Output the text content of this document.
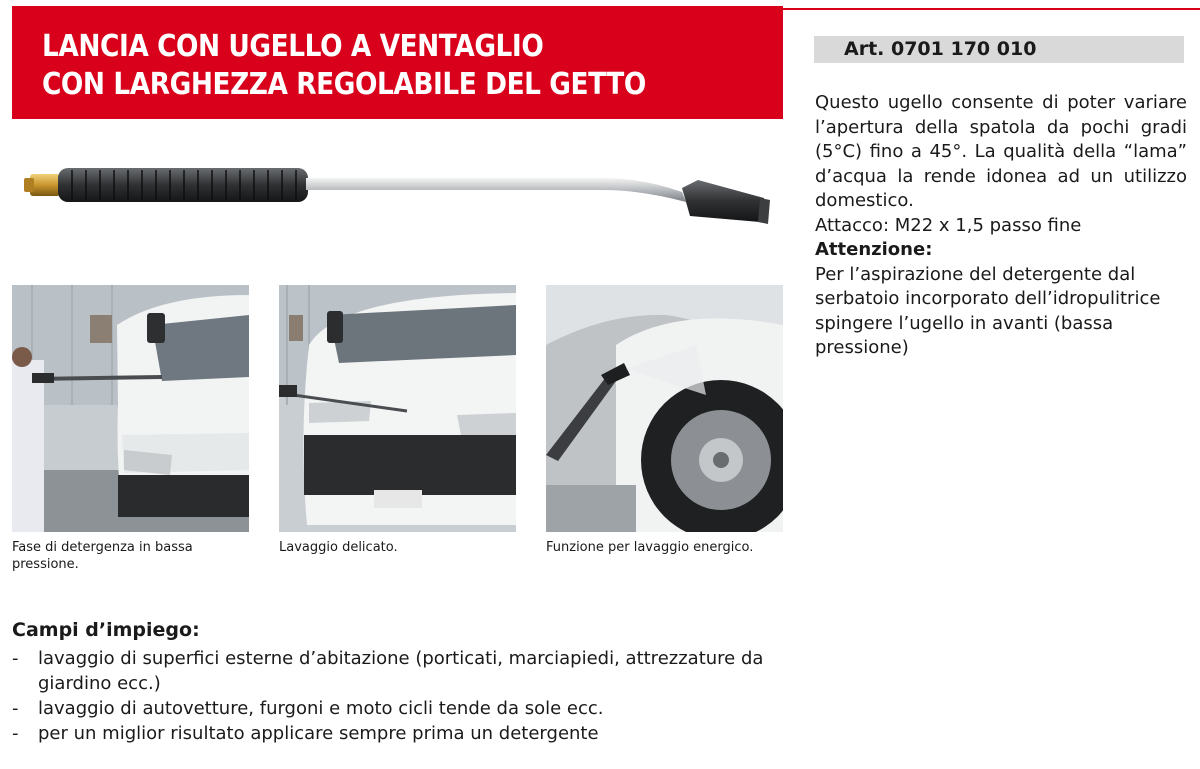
LANCIA CON UGELLO A VENTAGLIO
CON LARGHEZZA REGOLABILE DEL GETTO
Art. 0701 170 010

Questo ugello consente di poter variare l’apertura della spatola da pochi gradi (5°C) fino a 45°. La qualità della “lama” d’acqua la rende idonea ad un utilizzo domestico.

Attacco: M22 x 1,5 passo fine

Attenzione:

Per l’aspirazione del detergente dal serbatoio incorporato dell’idropulitrice spingere l’ugello in avanti (bassa pressione)

Fase di detergenza in bassa pressione.
Lavaggio delicato.	Funzione per lavaggio energico.
Campi d’impiego:
- lavaggio di superfici esterne d’abitazione (porticati, marciapiedi, attrezzature da giardino ecc.)
- lavaggio di autovetture, furgoni e moto cicli tende da sole ecc.
- per un miglior risultato applicare sempre prima un detergente
